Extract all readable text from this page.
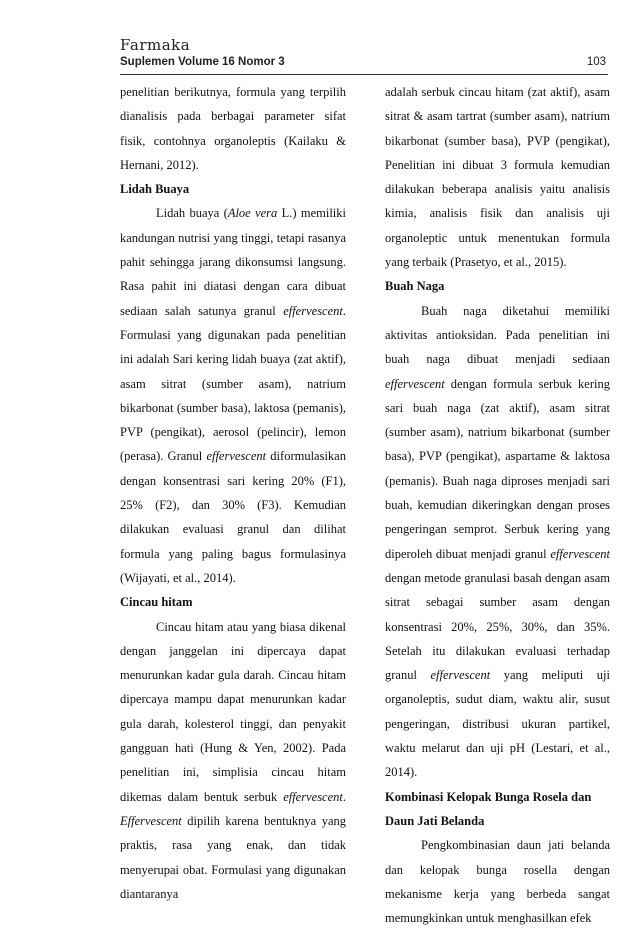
Farmaka
Suplemen Volume 16 Nomor 3	103

penelitian berikutnya, formula yang terpilih dianalisis pada berbagai parameter sifat fisik, contohnya organoleptis (Kailaku & Hernani, 2012).

Lidah Buaya

Lidah buaya (Aloe vera L.) memiliki kandungan nutrisi yang tinggi, tetapi rasanya pahit sehingga jarang dikonsumsi langsung. Rasa pahit ini diatasi dengan cara dibuat sediaan salah satunya granul effervescent. Formulasi yang digunakan pada penelitian ini adalah Sari kering lidah buaya (zat aktif), asam sitrat (sumber asam), natrium bikarbonat (sumber basa), laktosa (pemanis), PVP (pengikat), aerosol (pelincir), lemon (perasa). Granul effervescent diformulasikan dengan konsentrasi sari kering 20% (F1), 25% (F2), dan 30% (F3). Kemudian dilakukan evaluasi granul dan dilihat formula yang paling bagus formulasinya (Wijayati, et al., 2014).

Cincau hitam

Cincau hitam atau yang biasa dikenal dengan janggelan ini dipercaya dapat menurunkan kadar gula darah. Cincau hitam dipercaya mampu dapat menurunkan kadar gula darah, kolesterol tinggi, dan penyakit gangguan hati (Hung & Yen, 2002). Pada penelitian ini, simplisia cincau hitam dikemas dalam bentuk serbuk effervescent. Effervescent dipilih karena bentuknya yang praktis, rasa yang enak, dan tidak menyerupai obat. Formulasi yang digunakan diantaranya

adalah serbuk cincau hitam (zat aktif), asam sitrat & asam tartrat (sumber asam), natrium bikarbonat (sumber basa), PVP (pengikat), Penelitian ini dibuat 3 formula kemudian dilakukan beberapa analisis yaitu analisis kimia, analisis fisik dan analisis uji organoleptic untuk menentukan formula yang terbaik (Prasetyo, et al., 2015).

Buah Naga

Buah naga diketahui memiliki aktivitas antioksidan. Pada penelitian ini buah naga dibuat menjadi sediaan effervescent dengan formula serbuk kering sari buah naga (zat aktif), asam sitrat (sumber asam), natrium bikarbonat (sumber basa), PVP (pengikat), aspartame & laktosa (pemanis). Buah naga diproses menjadi sari buah, kemudian dikeringkan dengan proses pengeringan semprot. Serbuk kering yang diperoleh dibuat menjadi granul effervescent dengan metode granulasi basah dengan asam sitrat sebagai sumber asam dengan konsentrasi 20%, 25%, 30%, dan 35%. Setelah itu dilakukan evaluasi terhadap granul effervescent yang meliputi uji organoleptis, sudut diam, waktu alir, susut pengeringan, distribusi ukuran partikel, waktu melarut dan uji pH (Lestari, et al., 2014).

Kombinasi Kelopak Bunga Rosela dan Daun Jati Belanda

Pengkombinasian daun jati belanda dan kelopak bunga rosella dengan mekanisme kerja yang berbeda sangat memungkinkan untuk menghasilkan efek
